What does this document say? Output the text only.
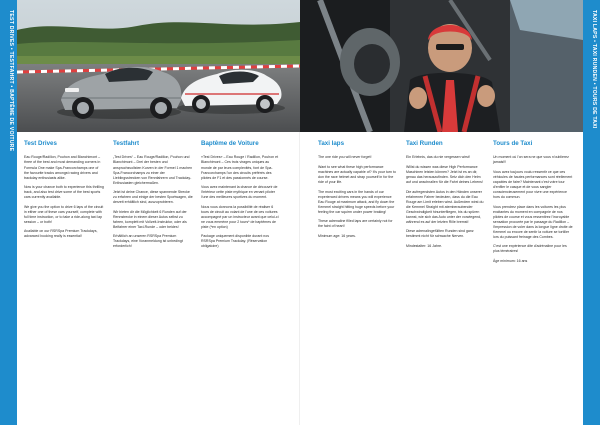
TEST DRIVES • TESTFAHRT • BAPTÊME DE VOITURE	TAXI LAPS • TAXI RUNDEN • TOURS DE TAXI
Test Drives

Eau Rouge/Radillon, Pouhon and Blanchimont – three of the best and most demanding corners in Formula One make Spa-Francorchamps one of the favourite tracks amongst racing drivers and trackday enthusiasts alike.

Now is your chance both to experience this thrilling track, and also test drive some of the best sports cars currently available.

We give you the option to drive 6 laps of the circuit in either one of these cars yourself, complete with full time instruction, or to take a ride-along taxi lap session – or both!

Available on our RSRSpa Premium Trackdays, advanced booking really is essential!

Testfahrt

„Test Drives“ – Eau Rouge/Radillon, Pouhon und Blanchimont – Drei der besten und anspruchsvollsten Kurven in der Formel 1 machen Spa-Francorchamps zu einer der Lieblingsstrecken von Rennfahrern und Trackday-Enthusiasten gleichermaßen.

Jetzt ist deine Chance, diese spannende Strecke zu erfahren und einige der besten Sportwagen, die derzeit erhältlich sind, auszuprobieren.

Wir bieten dir die Möglichkeit 6 Runden auf der Rennstrecke in einem dieser Autos selbst zu fahren, komplett mit Vollzeit-Instruktor, oder als Beifahrer einer Taxi-Runde – oder beides!

Erhältlich an unseren RSRSpa Premium Trackdays, eine Voranmeldung ist unbedingt erforderlich!

Baptême de Voiture

«Test Drives» – Eau Rouge / Radillon, Pouhon et Blanchimont – Ces trois virages uniques au monde de par leurs complexités, font de Spa-Francorchamps l'un des circuits préférés des pilotes de F1 et des passionnés de course.

Vous avez maintenant la chance de découvrir de l'intérieur cette piste mythique en venant piloter l'une des meilleures sportives du moment.

Nous vous donnons la possibilité de réaliser 6 tours de circuit au volant de l'une de ces voitures accompagné par un instructeur avant que celui-ci ne vous emmène pour 2 tours* de baptêmes de piste (*en option)

Package uniquement disponible durant nos RSRSpa Premium Trackday. (Réservation obligatoire)

Taxi laps

The one ride you will never forget!

Want to see what these high performance machines are actually capable of? It's your turn to don the race helmet and strap yourself in for the ride of your life.

The most exciting cars in the hands of our experienced drivers means you will experience Eau Rouge at maximum attack, and fly down the Kemmel straight hitting huge speeds before your feeling the car squirm under power braking!

These adrenaline filled laps are certainly not for the faint of heart!

Minimum age: 16 years.

Taxi Runden

Ein Erlebnis, das du nie vergessen wirst!

Willst du wissen was diese High Performance Maschinen leisten können? Jetzt ist es an dir, genau das herauszufinden. Setz dich den Helm auf und anschnallen für die Fahrt deines Lebens!

Die aufregendsten Autos in den Händen unserer erfahrenen Fahrer bedeuten, dass du die Eau Rouge am Limit erleben wirst. Außerdem wirst du die Kemmel Straight mit atemberaubender Geschwindigkeit hinunterfliegen, bis du spüren kannst, wie sich das Auto unter der vorwiegend, während es auf der letzten Rille bremst!

Diese adrenalingefüllten Runden sind ganz bestimmt nicht für schwache Nerven.

Mindestalter: 16 Jahre.

Tours de Taxi

Un moment où l'on sera ne que vous n'oublierez jamais!!!

Vous avez toujours voulu ressentir ce que ces véhicules de hautes performances sont réellement capables de faire? Maintenant c'est votre tour d'enfiler le casque et de vous sangler consciencieusement pour vivre une expérience hors du commun.

Vous prendrez place dans les voitures les plus excitantes du moment en compagnie de nos pilotes de course et vous ressentirez l'incroyable sensation procurée par le passage du Radillon – l'impression de voler dans la longue ligne droite de Kemmel ou encore de sentir la voiture se tortiller lors du puissant freinage des Combes.

C'est une expérience dite d'adrénaline pour les plus téméraires!

Âge minimum: 16 ans
